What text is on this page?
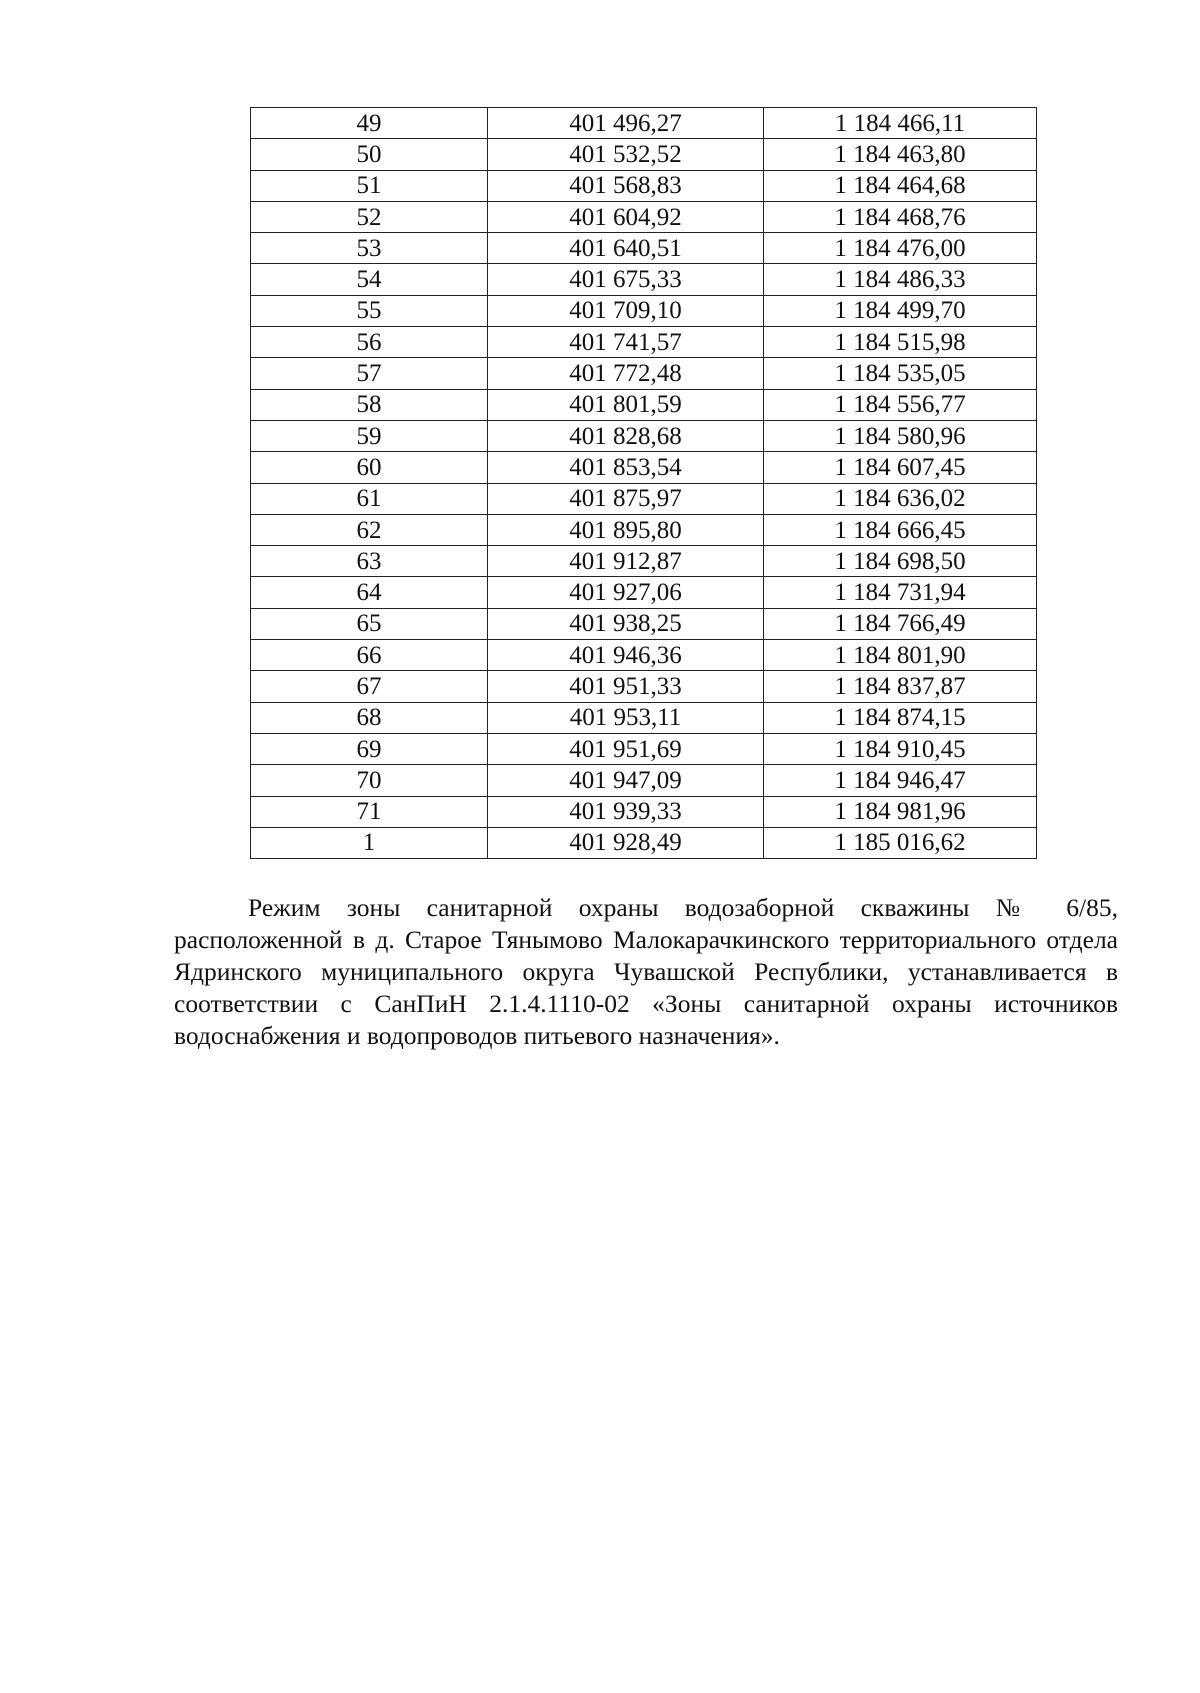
49	401 496,27	1 184 466,11
50	401 532,52	1 184 463,80
51	401 568,83	1 184 464,68
52	401 604,92	1 184 468,76
53	401 640,51	1 184 476,00
54	401 675,33	1 184 486,33
55	401 709,10	1 184 499,70
56	401 741,57	1 184 515,98
57	401 772,48	1 184 535,05
58	401 801,59	1 184 556,77
59	401 828,68	1 184 580,96
60	401 853,54	1 184 607,45
61	401 875,97	1 184 636,02
62	401 895,80	1 184 666,45
63	401 912,87	1 184 698,50
64	401 927,06	1 184 731,94
65	401 938,25	1 184 766,49
66	401 946,36	1 184 801,90
67	401 951,33	1 184 837,87
68	401 953,11	1 184 874,15
69	401 951,69	1 184 910,45
70	401 947,09	1 184 946,47
71	401 939,33	1 184 981,96
1	401 928,49	1 185 016,62

Режим зоны санитарной охраны водозаборной скважины № 6/85, расположенной в д. Старое Тянымово Малокарачкинского территориального отдела Ядринского муниципального округа Чувашской Республики, устанавливается в соответствии с СанПиН 2.1.4.1110-02 «Зоны санитарной охраны источников водоснабжения и водопроводов питьевого назначения».
